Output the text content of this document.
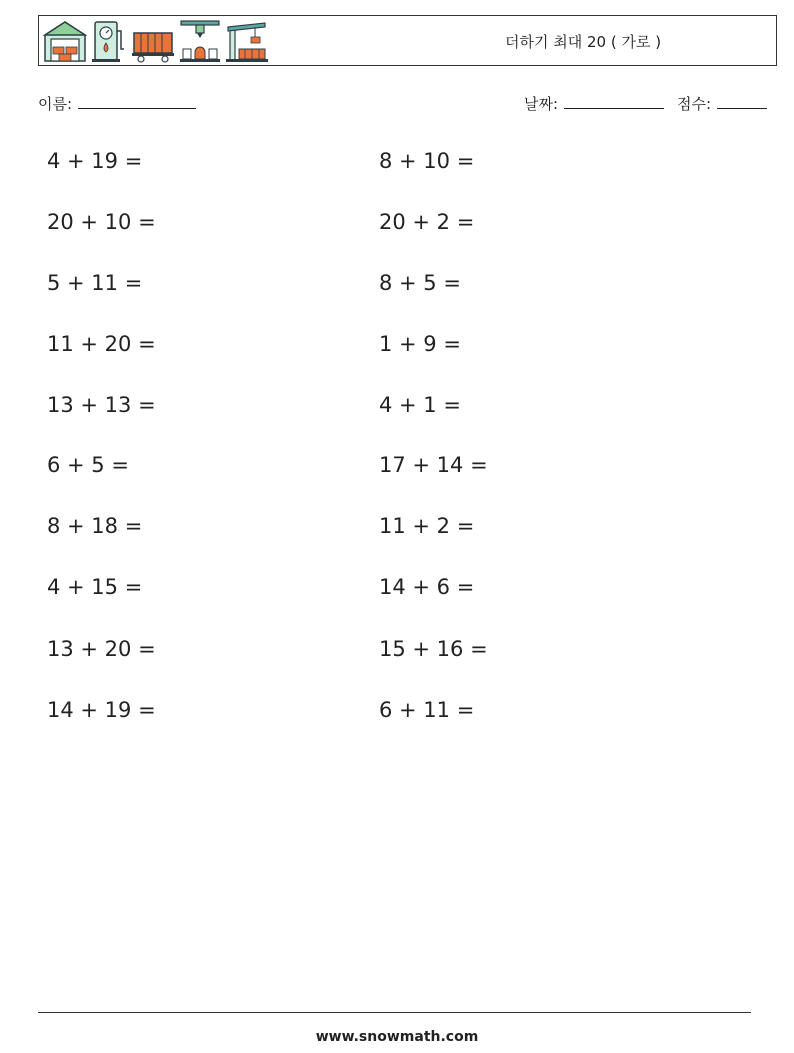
더하기 최대 20 ( 가로 )
이름:	날짜:	점수:
4 + 19 =
20 + 10 =
5 + 11 =
11 + 20 =
13 + 13 =
6 + 5 =
8 + 18 =
4 + 15 =
13 + 20 =
14 + 19 =
8 + 10 =
20 + 2 =
8 + 5 =
1 + 9 =
4 + 1 =
17 + 14 =
11 + 2 =
14 + 6 =
15 + 16 =
6 + 11 =
www.snowmath.com
